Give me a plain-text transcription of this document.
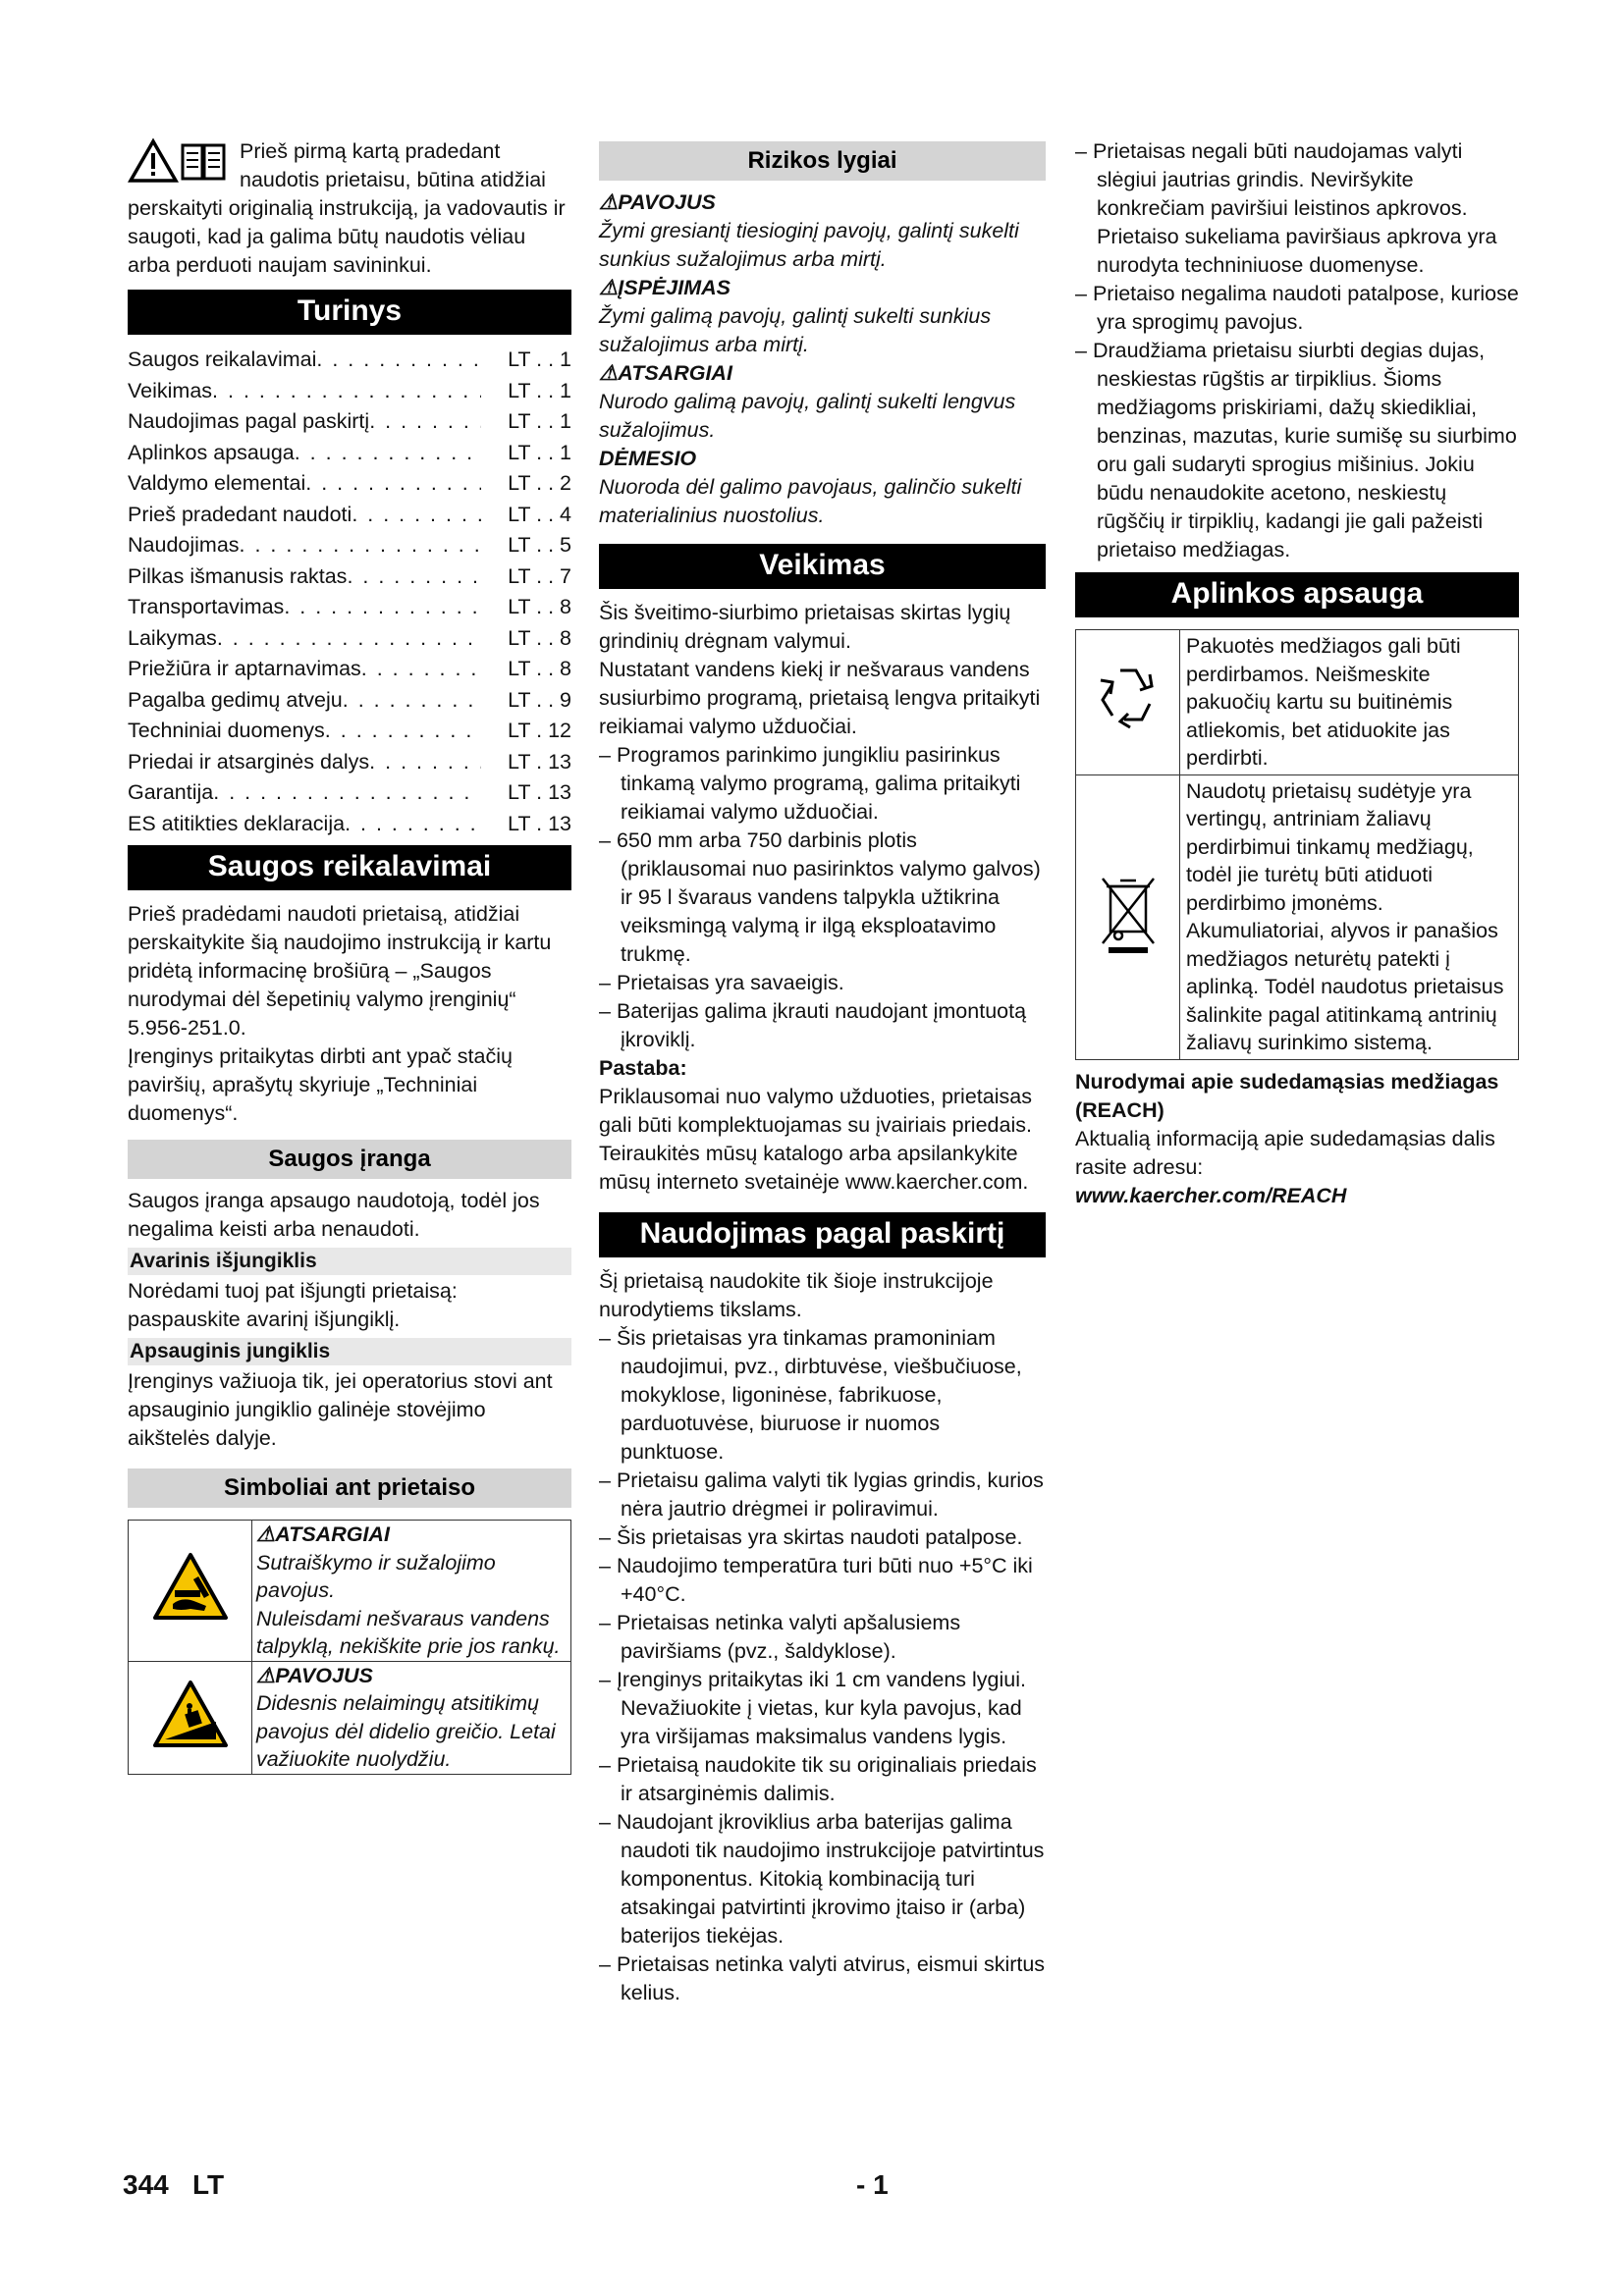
Prieš pirmą kartą pradedant naudotis prietaisu, būtina atidžiai perskaityti originalią instrukciją, ja vadovautis ir saugoti, kad ja galima būtų naudotis vėliau arba perduoti naujam savininkui.

Turinys
Saugos reikalavimai . . .	LT . . 1
Veikimas . . .	LT . . 1
Naudojimas pagal paskirtį . . .	LT . . 1
Aplinkos apsauga . . .	LT . . 1
Valdymo elementai . . .	LT . . 2
Prieš pradedant naudoti . . .	LT . . 4
Naudojimas . . .	LT . . 5
Pilkas išmanusis raktas . . .	LT . . 7
Transportavimas . . .	LT . . 8
Laikymas . . .	LT . . 8
Priežiūra ir aptarnavimas . . .	LT . . 8
Pagalba gedimų atveju . . .	LT . . 9
Techniniai duomenys . . .	LT . 12
Priedai ir atsarginės dalys . . .	LT . 13
Garantija . . .	LT . 13
ES atitikties deklaracija . . .	LT . 13
Saugos reikalavimai

Prieš pradėdami naudoti prietaisą, atidžiai perskaitykite šią naudojimo instrukciją ir kartu pridėtą informacinę brošiūrą – „Saugos nurodymai dėl šepetinių valymo įrenginių“ 5.956-251.0.

Įrenginys pritaikytas dirbti ant ypač stačių paviršių, aprašytų skyriuje „Techniniai duomenys“.

Saugos įranga

Saugos įranga apsaugo naudotoją, todėl jos negalima keisti arba nenaudoti.

Avarinis išjungiklis

Norėdami tuoj pat išjungti prietaisą: paspauskite avarinį išjungiklį.

Apsauginis jungiklis

Įrenginys važiuoja tik, jei operatorius stovi ant apsauginio jungiklio galinėje stovėjimo aikštelės dalyje.

Simboliai ant prietaiso

⚠ATSARGIAI
Sutraiškymo ir sužalojimo pavojus.
Nuleisdami nešvaraus vandens talpyklą, nekiškite prie jos rankų.

⚠PAVOJUS
Didesnis nelaimingų atsitikimų pavojus dėl didelio greičio. Letai važiuokite nuolydžiu.
Rizikos lygiai
⚠PAVOJUS
Žymi gresiantį tiesioginį pavojų, galintį sukelti sunkius sužalojimus arba mirtį.
⚠ĮSPĖJIMAS
Žymi galimą pavojų, galintį sukelti sunkius sužalojimus arba mirtį.
⚠ATSARGIAI
Nurodo galimą pavojų, galintį sukelti lengvus sužalojimus.
DĖMESIO
Nuoroda dėl galimo pavojaus, galinčio sukelti materialinius nuostolius.
Veikimas

Šis šveitimo-siurbimo prietaisas skirtas lygių grindinių drėgnam valymui.

Nustatant vandens kiekį ir nešvaraus vandens susiurbimo programą, prietaisą lengva pritaikyti reikiamai valymo užduočiai.

– Programos parinkimo jungikliu pasirinkus tinkamą valymo programą, galima pritaikyti reikiamai valymo užduočiai.

– 650 mm arba 750 darbinis plotis (priklausomai nuo pasirinktos valymo galvos) ir 95 l švaraus vandens talpykla užtikrina veiksmingą valymą ir ilgą eksploatavimo trukmę.

– Prietaisas yra savaeigis.

– Baterijas galima įkrauti naudojant įmontuotą įkroviklį.

Pastaba:

Priklausomai nuo valymo užduoties, prietaisas gali būti komplektuojamas su įvairiais priedais.

Teiraukitės mūsų katalogo arba apsilankykite mūsų interneto svetainėje www.kaercher.com.

Naudojimas pagal paskirtį

Šį prietaisą naudokite tik šioje instrukcijoje nurodytiems tikslams.

– Šis prietaisas yra tinkamas pramoniniam naudojimui, pvz., dirbtuvėse, viešbučiuose, mokyklose, ligoninėse, fabrikuose, parduotuvėse, biuruose ir nuomos punktuose.

– Prietaisu galima valyti tik lygias grindis, kurios nėra jautrio drėgmei ir poliravimui.

– Šis prietaisas yra skirtas naudoti patalpose.

– Naudojimo temperatūra turi būti nuo +5°C iki +40°C.

– Prietaisas netinka valyti apšalusiems paviršiams (pvz., šaldyklose).

– Įrenginys pritaikytas iki 1 cm vandens lygiui. Nevažiuokite į vietas, kur kyla pavojus, kad yra viršijamas maksimalus vandens lygis.

– Prietaisą naudokite tik su originaliais priedais ir atsarginėmis dalimis.

– Naudojant įkroviklius arba baterijas galima naudoti tik naudojimo instrukcijoje patvirtintus komponentus. Kitokią kombinaciją turi atsakingai patvirtinti įkrovimo įtaiso ir (arba) baterijos tiekėjas.

– Prietaisas netinka valyti atvirus, eismui skirtus kelius.

– Prietaisas negali būti naudojamas valyti slėgiui jautrias grindis. Neviršykite konkrečiam paviršiui leistinos apkrovos. Prietaiso sukeliama paviršiaus apkrova yra nurodyta techniniuose duomenyse.

– Prietaiso negalima naudoti patalpose, kuriose yra sprogimų pavojus.

– Draudžiama prietaisu siurbti degias dujas, neskiestas rūgštis ar tirpiklius. Šioms medžiagoms priskiriami, dažų skiedikliai, benzinas, mazutas, kurie sumišę su siurbimo oru gali sudaryti sprogius mišinius. Jokiu būdu nenaudokite acetono, neskiestų rūgščių ir tirpiklių, kadangi jie gali pažeisti prietaiso medžiagas.

Aplinkos apsauga
	Pakuotės medžiagos gali būti perdirbamos. Neišmeskite pakuočių kartu su buitinėmis atliekomis, bet atiduokite jas perdirbti.
	Naudotų prietaisų sudėtyje yra vertingų, antriniam žaliavų perdirbimui tinkamų medžiagų, todėl jie turėtų būti atiduoti perdirbimo įmonėms. Akumuliatoriai, alyvos ir panašios medžiagos neturėtų patekti į aplinką. Todėl naudotus prietaisus šalinkite pagal atitinkamą antrinių žaliavų surinkimo sistemą.

Nurodymai apie sudedamąsias medžiagas (REACH)

Aktualią informaciją apie sudedamąsias dalis rasite adresu:

www.kaercher.com/REACH

344 LT	- 1
